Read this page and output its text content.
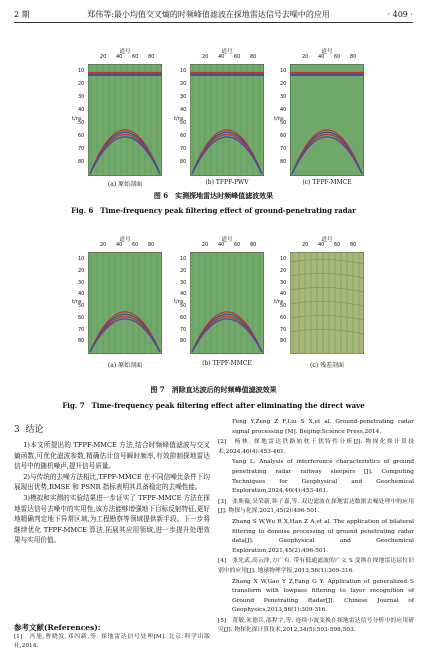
2 期	郑伟等:最小均值交叉熵的时频峰值滤波在探地雷达信号去噪中的应用	· 409 ·
道号
20 40 60 80
10
20
30
40
50
60
70
80
t/ns
(a) 原始剖面
道号
20 40 60 80
10
20
30
40
50
60
70
80
t/ns
(b) TFPF-PWV
道号
20 40 60 80
10
20
30
40
50
60
70
80
t/ns
(c) TFPF-MMCE
图 6　实测探地雷达时频峰值滤波效果
Fig. 6　Time-frequency peak filtering effect of ground-penetrating radar
道号
20 40 60 80
10
20
30
40
50
60
70
80
t/ns
(a) 原始剖面
道号
20 40 60 80
10
20
30
40
50
60
70
80
t/ns
(b) TFPF-MMCE
道号
20 40 60 80
10
20
30
40
50
60
70
80
t/ns
(c) 残差剖面
图 7　消除直达波后的时频峰值滤波效果
Fig. 7　Time-frequency peak filtering effect after eliminating the direct wave
3 结论
1)本文所提出的 TFPF-MMCE 方法,结合时频峰值滤波与交叉熵函数,可优化滤波参数,精确估计信号瞬时频率,有效抑制探地雷达信号中的随机噪声,提升信号质量。
2)与传统的去噪方法相比,TFPF-MMCE 在不同信噪比条件下均展现出优势,RMSE 和 PSNR 指标表明其具备稳定的去噪性能。
3)模拟和实测的实验结果进一步证实了 TFPF-MMCE 方法在探地雷达信号去噪中的实用性,该方法能够增强地下目标反射特征,更好地精确判定地下异常区域,为工程勘察等领域提供新手段。下一步将继续优化 TFPF-MMCE 算法,拓展其应用领域,进一步提升处理效果与实用价值。
参考文献(References):
[1]　冯旭,曹晓发,邓四新,等. 探地雷达信号处理[M]. 北京:科学出版社,2014.
Feng Y,Zeng Z F,Liu S X,et al. Ground-penetrating radar signal processing [M]. Beijing:Science Press,2014.
[2]　杨林. 探地雷达铁路轨枕干扰特性分析[J]. 物探化探计算技术,2024,46(4):453-461.
Yang L. Analysis of interference characteristics of ground penetrating radar railway sleepers [J]. Computing Techniques for Geophysical and Geochemical Exploration,2024,46(4):453-461.
[3]　张斯薇,吴荣新,韩子嘉,等. 双边滤波在探地雷达数据去噪处理中的应用[J]. 物探与化探,2021,45(2):496-501.
Zhang S W,Wu R X,Han Z A,et al. The application of bilateral filtering to denoise processing of ground penetrating radar data[J]. Geophysical and Geochemical Exploration,2021,45(2):496-501.
[4]　张先武,高云泽,方广有. 带有低通滤波的广义 S 变换在探地雷达层位识别中的应用[J]. 地球物理学报,2013,56(1):309-316.
Zhang X W,Gao Y Z,Fang G Y. Application of generalized S transform with lowpass filtering to layer recognition of Ground Penetrating Radar[J]. Chinese Journal of Geophysics,2013,56(1):309-316.
[5]　黄敏,朱德兵,邵程宇,等. 连续小波变换在探地雷达信号分析中的应用研究[J]. 物探化探计算技术,2012,34(5):593-598,503.
